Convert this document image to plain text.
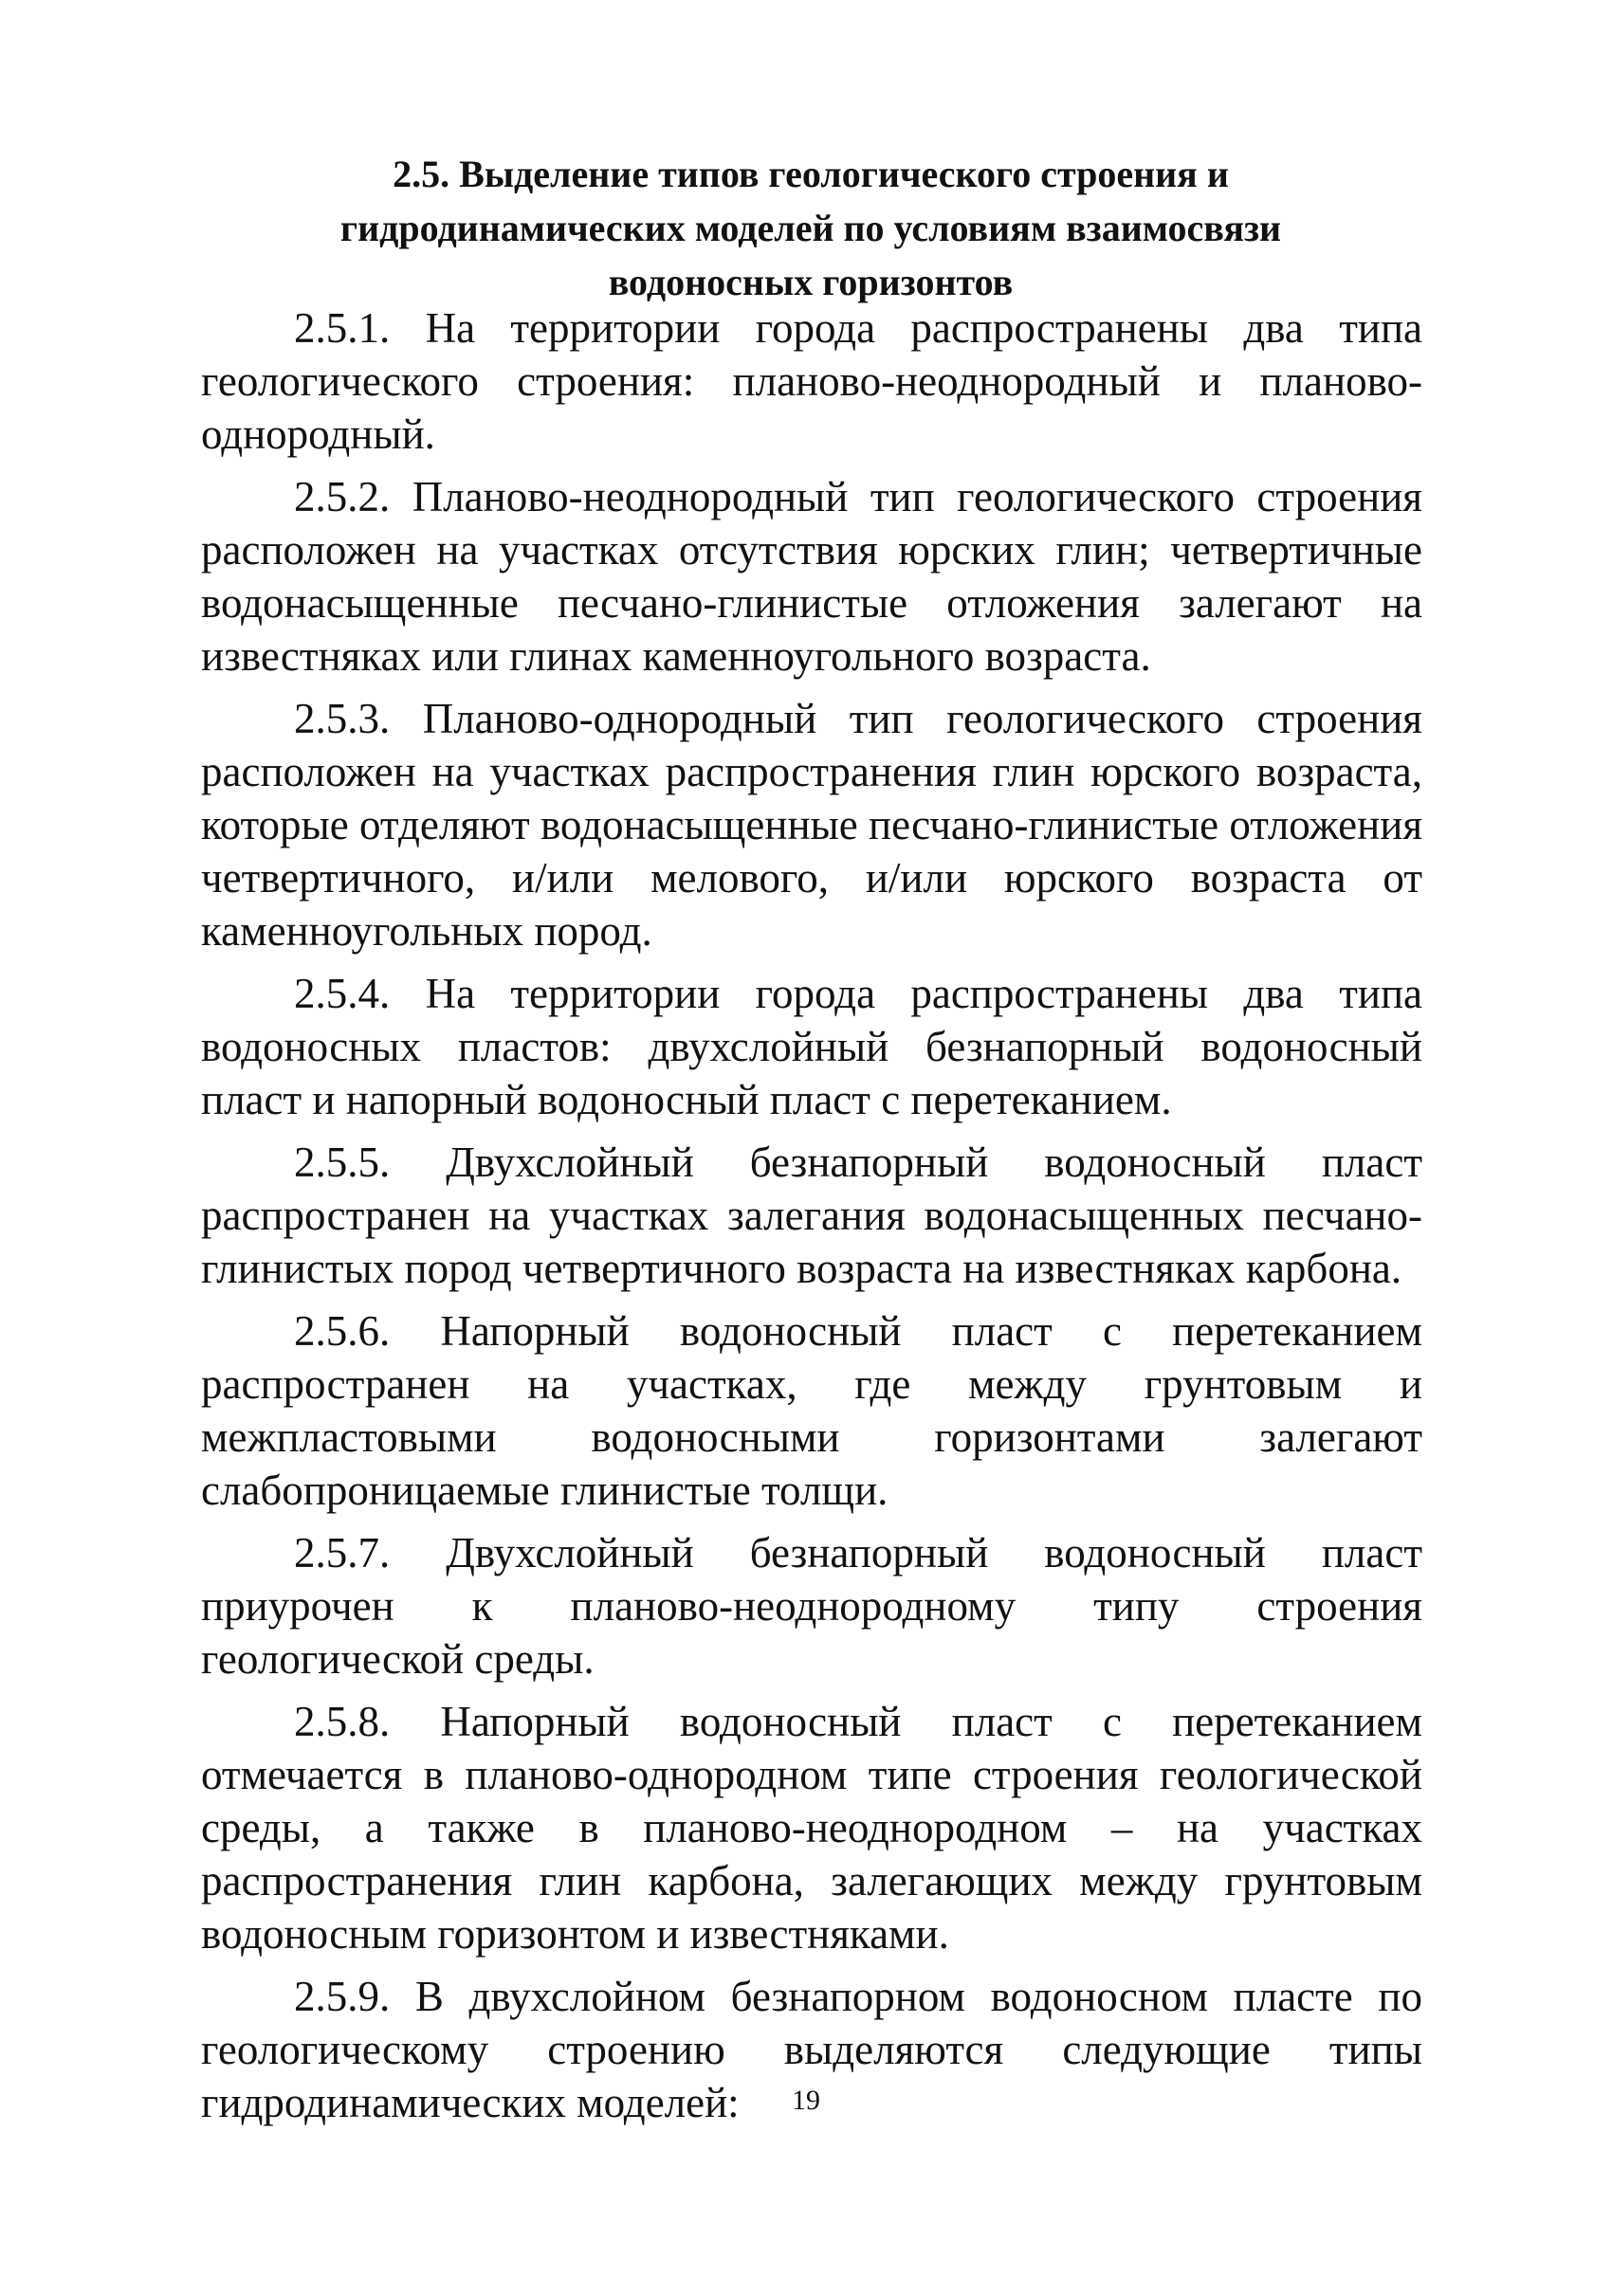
2.5. Выделение типов геологического строения и
гидродинамических моделей по условиям взаимосвязи
водоносных горизонтов

2.5.1. На территории города распространены два типа геологического строения: планово-неоднородный и планово-однородный.

2.5.2. Планово-неоднородный тип геологического строения расположен на участках отсутствия юрских глин; четвертичные водонасыщенные песчано-глинистые отложения залегают на известняках или глинах каменноугольного возраста.

2.5.3. Планово-однородный тип геологического строения расположен на участках распространения глин юрского возраста, которые отделяют водонасыщенные песчано-глинистые отложения четвертичного, и/или мелового, и/или юрского возраста от каменноугольных пород.

2.5.4. На территории города распространены два типа водоносных пластов: двухслойный безнапорный водоносный пласт и напорный водоносный пласт с перетеканием.

2.5.5. Двухслойный безнапорный водоносный пласт распространен на участках залегания водонасыщенных песчано-глинистых пород четвертичного возраста на известняках карбона.

2.5.6. Напорный водоносный пласт с перетеканием распространен на участках, где между грунтовым и межпластовыми водоносными горизонтами залегают слабопроницаемые глинистые толщи.

2.5.7. Двухслойный безнапорный водоносный пласт приурочен к планово-неоднородному типу строения геологической среды.

2.5.8. Напорный водоносный пласт с перетеканием отмечается в планово-однородном типе строения геологической среды, а также в планово-неоднородном – на участках распространения глин карбона, залегающих между грунтовым водоносным горизонтом и известняками.

2.5.9. В двухслойном безнапорном водоносном пласте по геологическому строению выделяются следующие типы гидродинамических моделей:	19
